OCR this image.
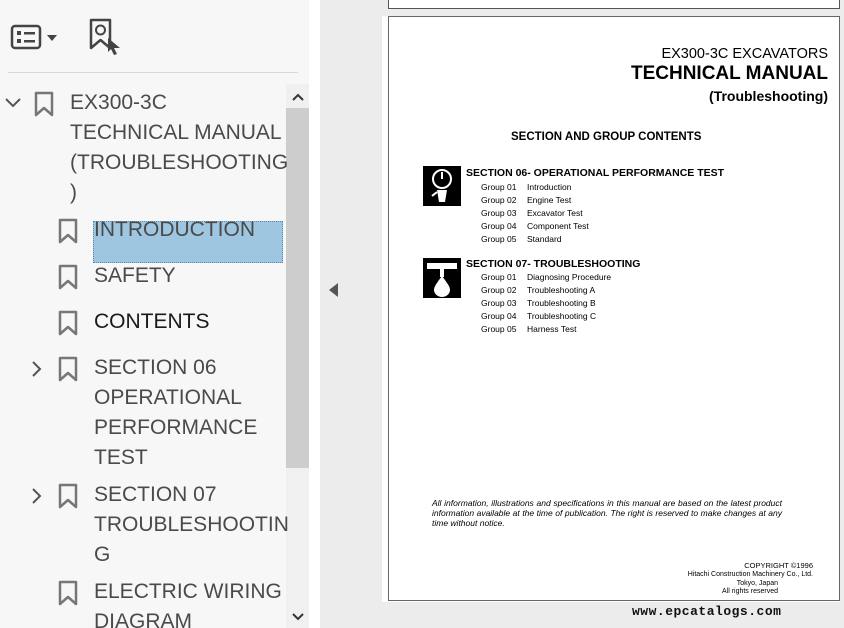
EX300-3C
TECHNICAL MANUAL
(TROUBLESHOOTING
)
INTRODUCTION
SAFETY
CONTENTS
SECTION 06
OPERATIONAL
PERFORMANCE
TEST
SECTION 07
TROUBLESHOOTIN
G
ELECTRIC WIRING
DIAGRAM
EX300-3C EXCAVATORS
TECHNICAL MANUAL
(Troubleshooting)
SECTION AND GROUP CONTENTS
SECTION 06- OPERATIONAL PERFORMANCE TEST
Group 01 Introduction
Group 02 Engine Test
Group 03 Excavator Test
Group 04 Component Test
Group 05 Standard
SECTION 07- TROUBLESHOOTING
Group 01 Diagnosing Procedure
Group 02 Troubleshooting A
Group 03 Troubleshooting B
Group 04 Troubleshooting C
Group 05 Harness Test
All information, illustrations and specifications in this manual are based on the latest product information available at the time of publication. The right is reserved to make changes at any time without notice.
COPYRIGHT ©1996
Hitachi Construction Machinery Co., Ltd.
Tokyo, Japan
All rights reserved
www.epcatalogs.com
